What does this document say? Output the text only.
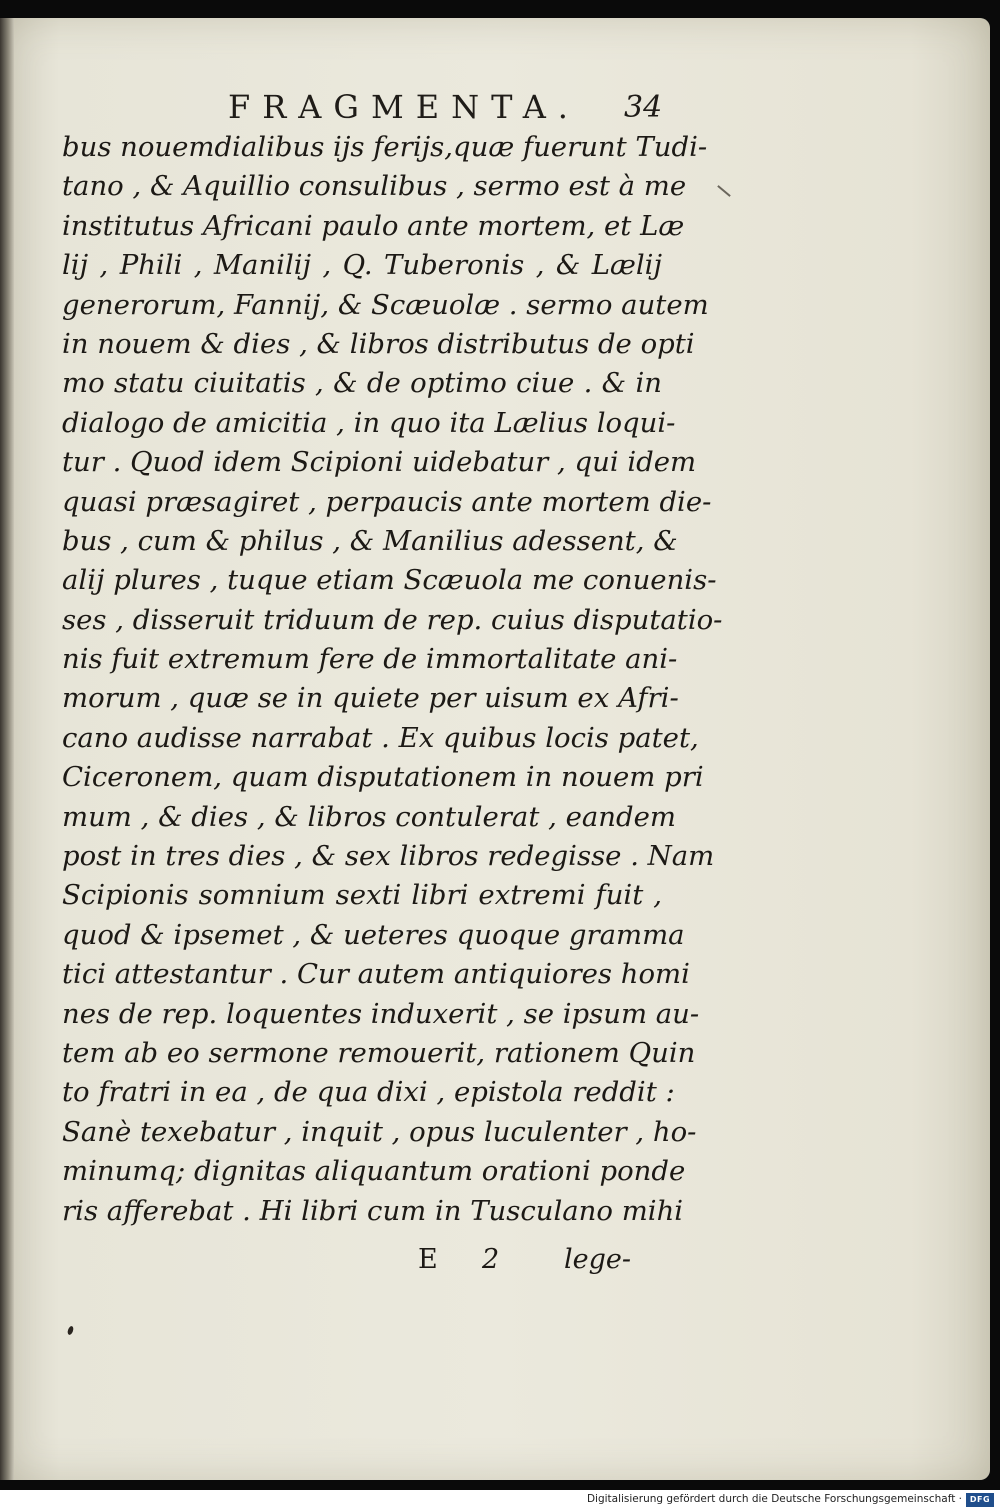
FRAGMENTA. 34
bus nouemdialibus ijs ferijs,quæ fuerunt Tudi-
tano , & Aquillio consulibus , sermo est à me
institutus Africani paulo ante mortem, et Læ
lij , Phili , Manilij , Q. Tuberonis , & Lælij
generorum, Fannij, & Scæuolæ . sermo autem
in nouem & dies , & libros distributus de opti
mo statu ciuitatis , & de optimo ciue . & in
dialogo de amicitia , in quo ita Lælius loqui-
tur . Quod idem Scipioni uidebatur , qui idem
quasi præsagiret , perpaucis ante mortem die-
bus , cum & philus , & Manilius adessent, &
alij plures , tuque etiam Scæuola me conuenis-
ses , disseruit triduum de rep. cuius disputatio-
nis fuit extremum fere de immortalitate ani-
morum , quæ se in quiete per uisum ex Afri-
cano audisse narrabat . Ex quibus locis patet,
Ciceronem, quam disputationem in nouem pri
mum , & dies , & libros contulerat , eandem
post in tres dies , & sex libros redegisse . Nam
Scipionis somnium sexti libri extremi fuit ,
quod & ipsemet , & ueteres quoque gramma
tici attestantur . Cur autem antiquiores homi
nes de rep. loquentes induxerit , se ipsum au-
tem ab eo sermone remouerit, rationem Quin
to fratri in ea , de qua dixi , epistola reddit :
Sanè texebatur , inquit , opus luculenter , ho-
minumq; dignitas aliquantum orationi ponde
ris afferebat . Hi libri cum in Tusculano mihi
E 2 lege-
Digitalisierung gefördert durch die Deutsche Forschungsgemeinschaft · DFG
